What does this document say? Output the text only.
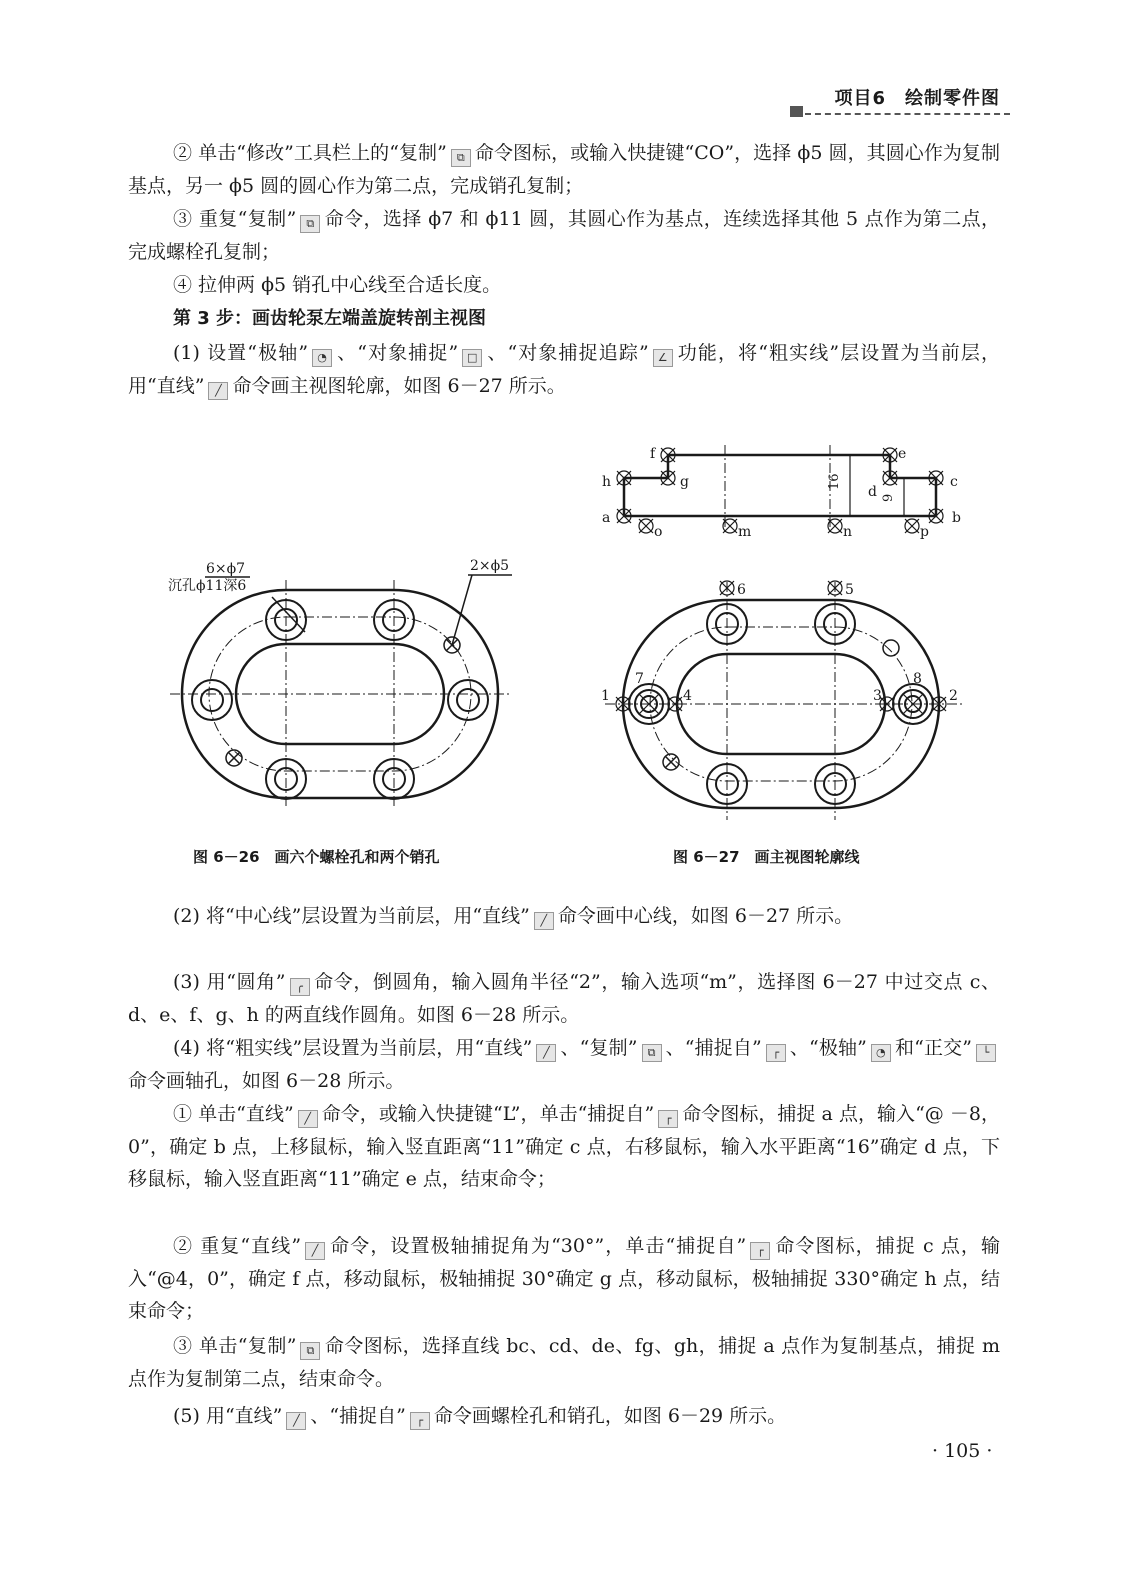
项目6　绘制零件图
② 单击“修改”工具栏上的“复制” ⧉ 命令图标，或输入快捷键“CO”，选择 ϕ5 圆，其圆心作为复制基点，另一 ϕ5 圆的圆心作为第二点，完成销孔复制；
③ 重复“复制” ⧉ 命令，选择 ϕ7 和 ϕ11 圆，其圆心作为基点，连续选择其他 5 点作为第二点，完成螺栓孔复制；
④ 拉伸两 ϕ5 销孔中心线至合适长度。
第 3 步：画齿轮泵左端盖旋转剖主视图
(1) 设置“极轴” ◔ 、“对象捕捉” □ 、“对象捕捉追踪” ∠ 功能，将“粗实线”层设置为当前层，用“直线” ╱ 命令画主视图轮廓，如图 6－27 所示。
6×ϕ7
沉孔ϕ11深6
2×ϕ5
f	e
h	g	c
a	b
o	m	n	p
d
16
9
6	5
7	8
1	4	3	2
图 6－26　画六个螺栓孔和两个销孔	图 6－27　画主视图轮廓线
(2) 将“中心线”层设置为当前层，用“直线” ╱ 命令画中心线，如图 6－27 所示。
(3) 用“圆角” ╭ 命令，倒圆角，输入圆角半径“2”，输入选项“m”，选择图 6－27 中过交点 c、d、e、f、g、h 的两直线作圆角。如图 6－28 所示。
(4) 将“粗实线”层设置为当前层，用“直线” ╱ 、“复制” ⧉ 、“捕捉自” ┌ 、“极轴” ◔ 和“正交” └命令画轴孔，如图 6－28 所示。
① 单击“直线” ╱ 命令，或输入快捷键“L”，单击“捕捉自” ┌ 命令图标，捕捉 a 点，输入“@ －8，0”，确定 b 点，上移鼠标，输入竖直距离“11”确定 c 点，右移鼠标，输入水平距离“16”确定 d 点，下移鼠标，输入竖直距离“11”确定 e 点，结束命令；
② 重复“直线” ╱ 命令，设置极轴捕捉角为“30°”，单击“捕捉自” ┌ 命令图标，捕捉 c 点，输入“@4，0”，确定 f 点，移动鼠标，极轴捕捉 30°确定 g 点，移动鼠标，极轴捕捉 330°确定 h 点，结束命令；
③ 单击“复制” ⧉ 命令图标，选择直线 bc、cd、de、fg、gh，捕捉 a 点作为复制基点，捕捉 m 点作为复制第二点，结束命令。
(5) 用“直线” ╱ 、“捕捉自” ┌ 命令画螺栓孔和销孔，如图 6－29 所示。
· 105 ·
